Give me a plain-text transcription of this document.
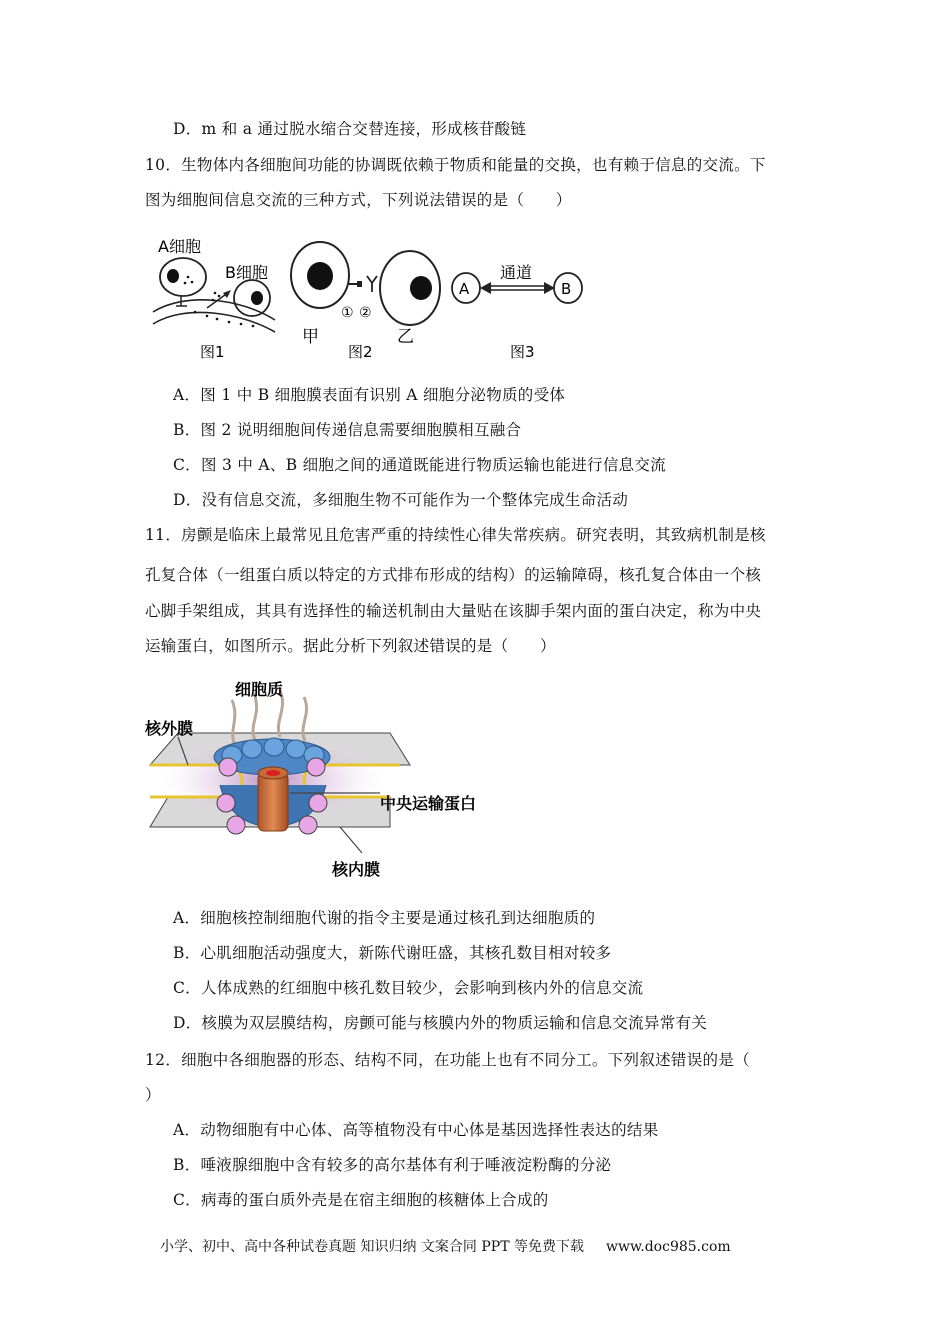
D．m 和 a 通过脱水缩合交替连接，形成核苷酸链
10．生物体内各细胞间功能的协调既依赖于物质和能量的交换，也有赖于信息的交流。下
图为细胞间信息交流的三种方式，下列说法错误的是（　　）
A细胞
B细胞
图1
① ②
甲	乙
图2
A	B
通道
图3
A．图 1 中 B 细胞膜表面有识别 A 细胞分泌物质的受体
B．图 2 说明细胞间传递信息需要细胞膜相互融合
C．图 3 中 A、B 细胞之间的通道既能进行物质运输也能进行信息交流
D．没有信息交流，多细胞生物不可能作为一个整体完成生命活动
11．房颤是临床上最常见且危害严重的持续性心律失常疾病。研究表明，其致病机制是核
孔复合体（一组蛋白质以特定的方式排布形成的结构）的运输障碍，核孔复合体由一个核
心脚手架组成，其具有选择性的输送机制由大量贴在该脚手架内面的蛋白决定，称为中央
运输蛋白，如图所示。据此分析下列叙述错误的是（　　）
细胞质
核外膜
中央运输蛋白
核内膜
A．细胞核控制细胞代谢的指令主要是通过核孔到达细胞质的
B．心肌细胞活动强度大，新陈代谢旺盛，其核孔数目相对较多
C．人体成熟的红细胞中核孔数目较少，会影响到核内外的信息交流
D．核膜为双层膜结构，房颤可能与核膜内外的物质运输和信息交流异常有关
12．细胞中各细胞器的形态、结构不同，在功能上也有不同分工。下列叙述错误的是（
）
A．动物细胞有中心体、高等植物没有中心体是基因选择性表达的结果
B．唾液腺细胞中含有较多的高尔基体有利于唾液淀粉酶的分泌
C．病毒的蛋白质外壳是在宿主细胞的核糖体上合成的
小学、初中、高中各种试卷真题 知识归纳 文案合同 PPT 等免费下载 www.doc985.com
